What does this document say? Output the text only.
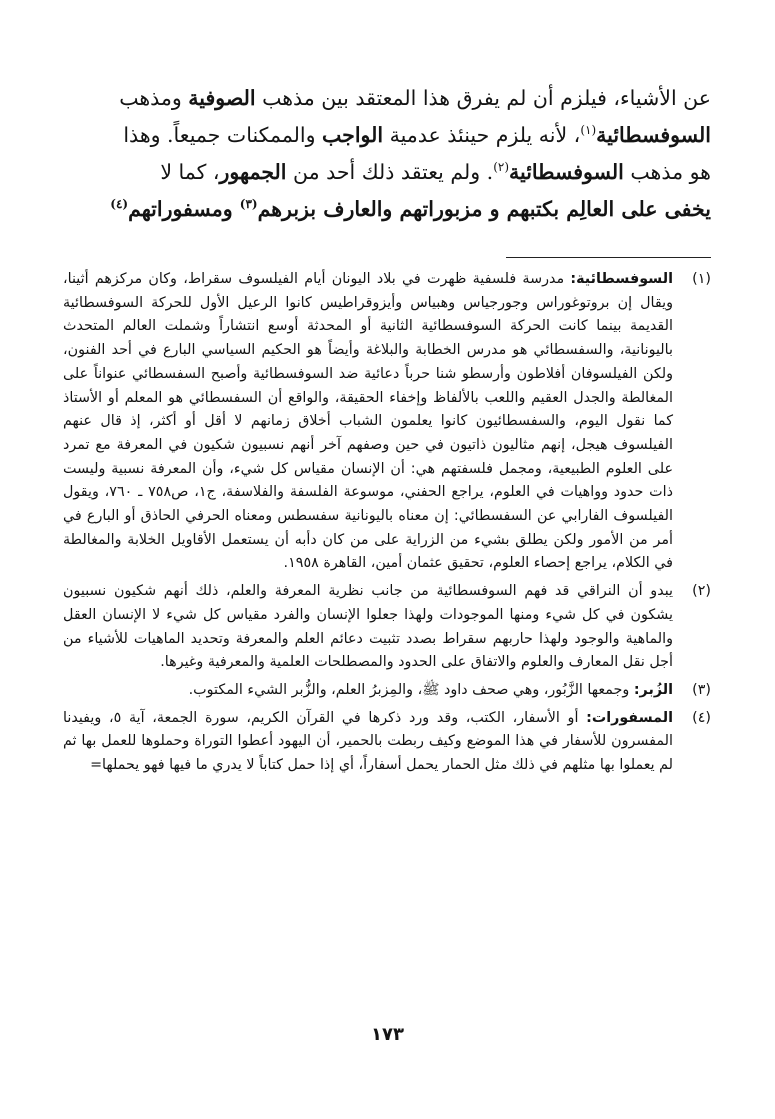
عن الأشياء، فيلزم أن لم يفرق هذا المعتقد بين مذهب الصوفية ومذهب
السوفسطائية$^{(١)}$، لأنه يلزم حينئذ عدمية الواجب والممكنات جميعاً. وهذا
هو مذهب السوفسطائية$^{(٢)}$. ولم يعتقد ذلك أحد من الجمهور، كما لا
يخفى على العالِم بكتبهم و مزبوراتهم والعارف بزبرهم$^{(٣)}$ ومسفوراتهم$^{(٤)}$
(١)
السوفسطائية: مدرسة فلسفية ظهرت في بلاد اليونان أيام الفيلسوف سقراط، وكان مركزهم أثينا، ويقال إن بروتوغوراس وجورجياس وهبياس وأيزوقراطيس كانوا الرعيل الأول للحركة السوفسطائية القديمة بينما كانت الحركة السوفسطائية الثانية أو المحدثة أوسع انتشاراً وشملت العالم المتحدث باليونانية، والسفسطائي هو مدرس الخطابة والبلاغة وأيضاً هو الحكيم السياسي البارع في أحد الفنون، ولكن الفيلسوفان أفلاطون وأرسطو شنا حرباً دعائية ضد السوفسطائية وأصبح السفسطائي عنواناً على المغالطة والجدل العقيم واللعب بالألفاظ وإخفاء الحقيقة، والواقع أن السفسطائي هو المعلم أو الأستاذ كما نقول اليوم، والسفسطائيون كانوا يعلمون الشباب أخلاق زمانهم لا أقل أو أكثر، إذ قال عنهم الفيلسوف هيجل، إنهم مثاليون ذاتيون في حين وصفهم آخر أنهم نسبيون شكيون في المعرفة مع تمرد على العلوم الطبيعية، ومجمل فلسفتهم هي: أن الإنسان مقياس كل شيء، وأن المعرفة نسبية وليست ذات حدود وواهيات في العلوم، يراجع الحفني، موسوعة الفلسفة والفلاسفة، ج١، ص٧٥٨ ـ ٧٦٠، ويقول الفيلسوف الفارابي عن السفسطائي: إن معناه باليونانية سفسطس ومعناه الحرفي الحاذق أو البارع في أمر من الأمور ولكن يطلق بشيء من الزراية على من كان دأبه أن يستعمل الأقاويل الخلابة والمغالطة في الكلام، يراجع إحصاء العلوم، تحقيق عثمان أمين، القاهرة ١٩٥٨.
(٢)
يبدو أن النراقي قد فهم السوفسطائية من جانب نظرية المعرفة والعلم، ذلك أنهم شكيون نسبيون يشكون في كل شيء ومنها الموجودات ولهذا جعلوا الإنسان والفرد مقياس كل شيء لا الإنسان العقل والماهية والوجود ولهذا حاربهم سقراط بصدد تثبيت دعائم العلم والمعرفة وتحديد الماهيات للأشياء من أجل نقل المعارف والعلوم والاتفاق على الحدود والمصطلحات العلمية والمعرفية وغيرها.
(٣)
الزُبر: وجمعها الزَّبُور، وهي صحف داود ﷺ، والمِزبرُ العلم، والزُّبر الشيء المكتوب.
(٤)
المسفورات: أو الأسفار، الكتب، وقد ورد ذكرها في القرآن الكريم، سورة الجمعة، آية ٥، ويفيدنا المفسرون للأسفار في هذا الموضع وكيف ربطت بالحمير، أن اليهود أعطوا التوراة وحملوها للعمل بها ثم لم يعملوا بها مثلهم في ذلك مثل الحمار يحمل أسفاراً، أي إذا حمل كتاباً لا يدري ما فيها فهو يحملها=
١٧٣
